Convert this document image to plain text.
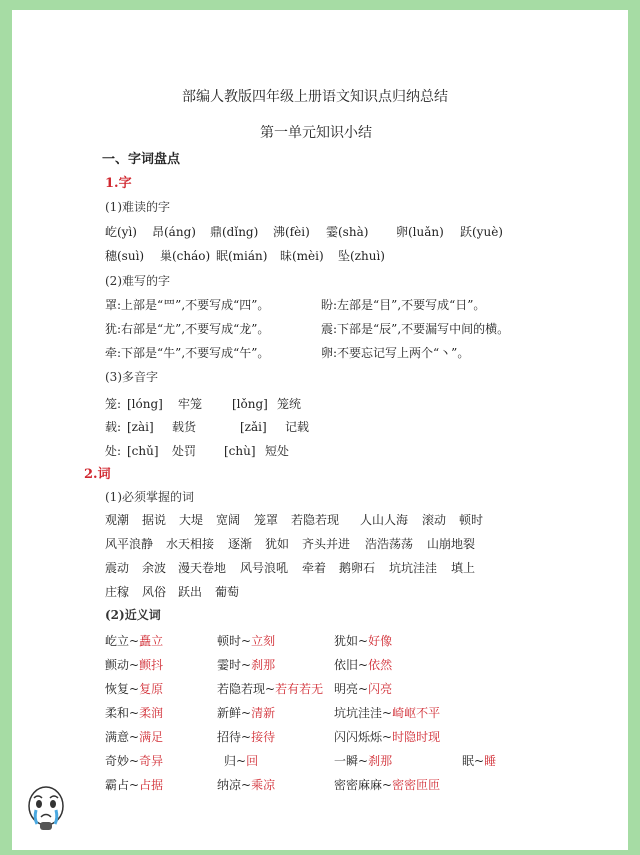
部编人教版四年级上册语文知识点归纳总结
第一单元知识小结
一、字词盘点
1.字
(1)难读的字
屹(yì) 昂(áng) 鼎(dǐng) 沸(fèi) 霎(shà) 卵(luǎn) 跃(yuè)
穗(suì) 巢(cháo) 眠(mián) 昧(mèi) 坠(zhuì)
(2)难写的字
罩:上部是“罒”,不要写成“四”。	盼:左部是“目”,不要写成“日”。
犹:右部是“尤”,不要写成“龙”。	震:下部是“辰”,不要漏写中间的横。
牵:下部是“牛”,不要写成“午”。	卵:不要忘记写上两个“丶”。
(3)多音字
笼: [lóng] 牢笼 [lǒng] 笼统
载: [zài] 载货	[zǎi] 记载
处: [chǔ] 处罚 [chù] 短处
2.词
(1)必须掌握的词
观潮 据说 大堤 宽阔 笼罩 若隐若现 人山人海 滚动 顿时
风平浪静 水天相接 逐渐 犹如 齐头并进 浩浩荡荡 山崩地裂
震动 余波 漫天卷地 风号浪吼 牵着 鹅卵石 坑坑洼洼 填上
庄稼 风俗 跃出 葡萄
(2)近义词
屹立~矗立	顿时~立刻	犹如~好像
颤动~颤抖	霎时~刹那	依旧~依然
恢复~复原	若隐若现~若有若无 明亮~闪亮
柔和~柔润	新鲜~清新	坑坑洼洼~崎岖不平
满意~满足	招待~接待	闪闪烁烁~时隐时现
奇妙~奇异	归~回	一瞬~刹那	眠~睡
霸占~占据	纳凉~乘凉	密密麻麻~密密匝匝
